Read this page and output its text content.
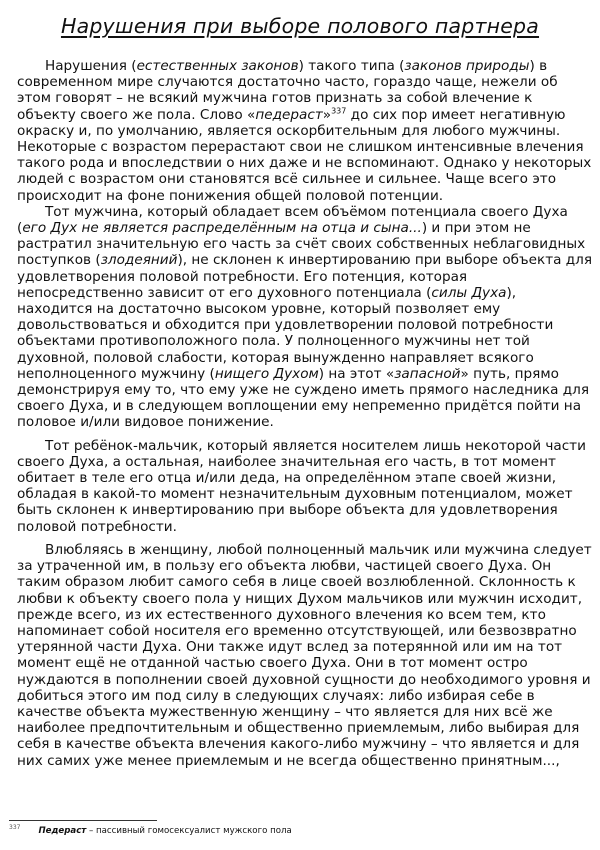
Нарушения при выборе полового партнера

Нарушения (естественных законов) такого типа (законов природы) в современном мире случаются достаточно часто, гораздо чаще, нежели об этом говорят – не всякий мужчина готов признать за собой влечение к объекту своего же пола. Слово «педераст»$^{337}$ до сих пор имеет негативную окраску и, по умолчанию, является оскорбительным для любого мужчины. Некоторые с возрастом перерастают свои не слишком интенсивные влечения такого рода и впоследствии о них даже и не вспоминают. Однако у некоторых людей с возрастом они становятся всё сильнее и сильнее. Чаще всего это происходит на фоне понижения общей половой потенции.

Тот мужчина, который обладает всем объёмом потенциала своего Духа (его Дух не является распределённым на отца и сына...) и при этом не растратил значительную его часть за счёт своих собственных неблаговидных поступков (злодеяний), не склонен к инвертированию при выборе объекта для удовлетворения половой потребности. Его потенция, которая непосредственно зависит от его духовного потенциала (силы Духа), находится на достаточно высоком уровне, который позволяет ему довольствоваться и обходится при удовлетворении половой потребности объектами противоположного пола. У полноценного мужчины нет той духовной, половой слабости, которая вынужденно направляет всякого неполноценного мужчину (нищего Духом) на этот «запасной» путь, прямо демонстрируя ему то, что ему уже не суждено иметь прямого наследника для своего Духа, и в следующем воплощении ему непременно придётся пойти на половое и/или видовое понижение.

Тот ребёнок-мальчик, который является носителем лишь некоторой части своего Духа, а остальная, наиболее значительная его часть, в тот момент обитает в теле его отца и/или деда, на определённом этапе своей жизни, обладая в какой-то момент незначительным духовным потенциалом, может быть склонен к инвертированию при выборе объекта для удовлетворения половой потребности.

Влюбляясь в женщину, любой полноценный мальчик или мужчина следует за утраченной им, в пользу его объекта любви, частицей своего Духа. Он таким образом любит самого себя в лице своей возлюбленной. Склонность к любви к объекту своего пола у нищих Духом мальчиков или мужчин исходит, прежде всего, из их естественного духовного влечения ко всем тем, кто напоминает собой носителя его временно отсутствующей, или безвозвратно утерянной части Духа. Они также идут вслед за потерянной или им на тот момент ещё не отданной частью своего Духа. Они в тот момент остро нуждаются в пополнении своей духовной сущности до необходимого уровня и добиться этого им под силу в следующих случаях: либо избирая себе в качестве объекта мужественную женщину – что является для них всё же наиболее предпочтительным и общественно приемлемым, либо выбирая для себя в качестве объекта влечения какого-либо мужчину – что является и для них самих уже менее приемлемым и не всегда общественно принятным...,

$^{337}$ Педераст – пассивный гомосексуалист мужского пола
